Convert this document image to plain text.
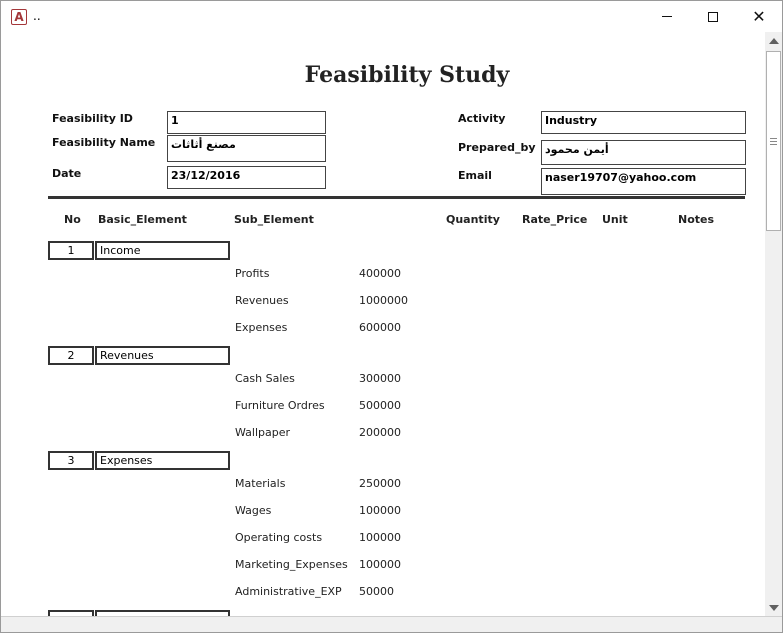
A ..	✕
Feasibility Study
Feasibility ID	1
Feasibility Name	مصنع أثاثات
Date	23/12/2016
Activity	Industry
Prepared_by أيمن محمود
Email	naser19707@yahoo.com
No Basic_Element	Sub_Element	Quantity Rate_Price Unit	Notes
1	Income
Profits	400000
Revenues	1000000
Expenses	600000
2	Revenues
Cash Sales	300000
Furniture Ordres	500000
Wallpaper	200000
3	Expenses
Materials	250000
Wages	100000
Operating costs	100000
Marketing_Expenses 100000
Administrative_EXP 50000
